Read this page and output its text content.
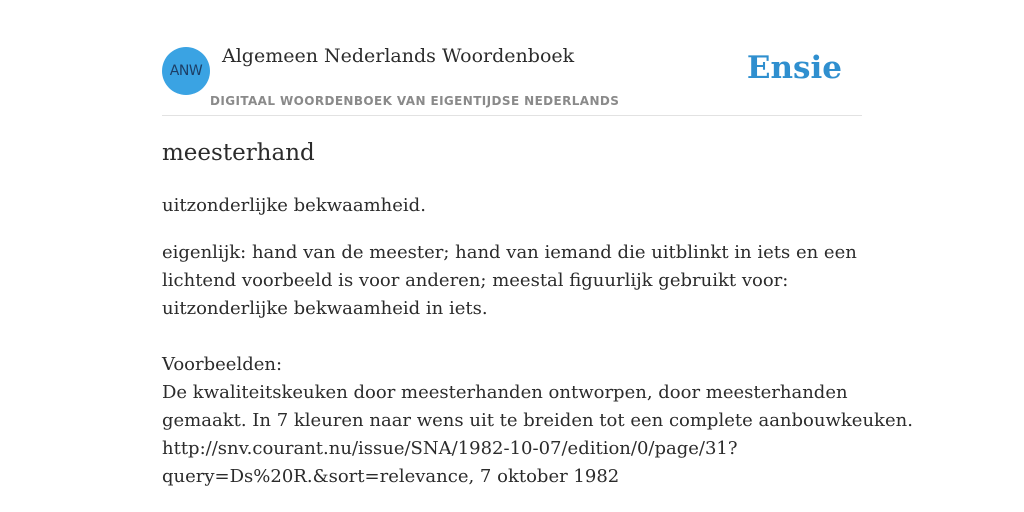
ANW
Algemeen Nederlands Woordenboek
DIGITAAL WOORDENBOEK VAN EIGENTIJDSE NEDERLANDS
Ensie
meesterhand
uitzonderlijke bekwaamheid.
eigenlijk: hand van de meester; hand van iemand die uitblinkt in iets en een
lichtend voorbeeld is voor anderen; meestal figuurlijk gebruikt voor:
uitzonderlijke bekwaamheid in iets.
Voorbeelden:
De kwaliteitskeuken door meesterhanden ontworpen, door meesterhanden
gemaakt. In 7 kleuren naar wens uit te breiden tot een complete aanbouwkeuken.
http://snv.courant.nu/issue/SNA/1982-10-07/edition/0/page/31?
query=Ds%20R.&sort=relevance, 7 oktober 1982
